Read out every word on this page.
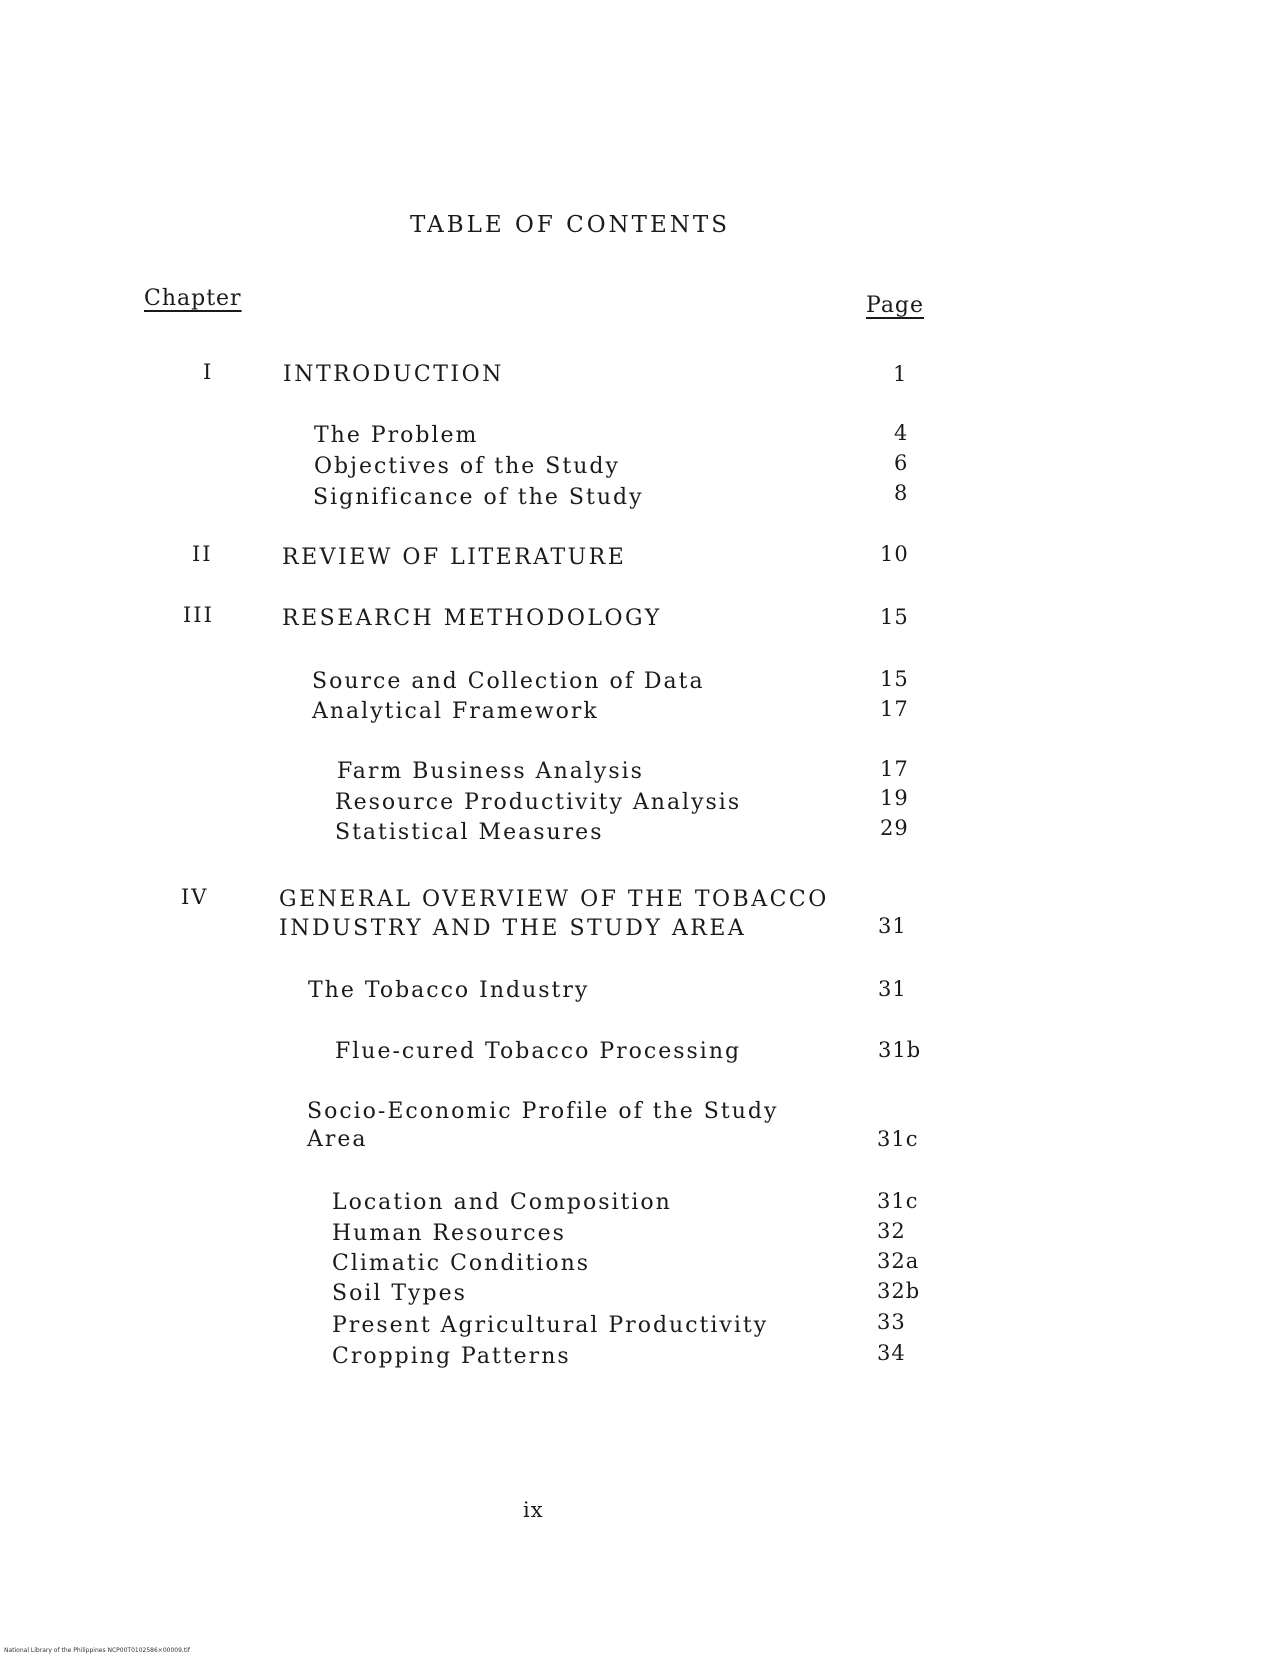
TABLE OF CONTENTS
Chapter	Page
I	INTRODUCTION	1
The Problem	4
Objectives of the Study	6
Significance of the Study	8
II	REVIEW OF LITERATURE	10
III	RESEARCH METHODOLOGY	15
Source and Collection of Data	15
Analytical Framework	17
Farm Business Analysis	17
Resource Productivity Analysis	19
Statistical Measures	29
IV	GENERAL OVERVIEW OF THE TOBACCO
INDUSTRY AND THE STUDY AREA	31
The Tobacco Industry	31
Flue-cured Tobacco Processing	31b
Socio-Economic Profile of the Study
Area	31c
Location and Composition	31c
Human Resources	32
Climatic Conditions	32a
Soil Types	32b
Present Agricultural Productivity	33
Cropping Patterns	34
ix
National Library of the Philippines NCP00T0102586×00009.tif
